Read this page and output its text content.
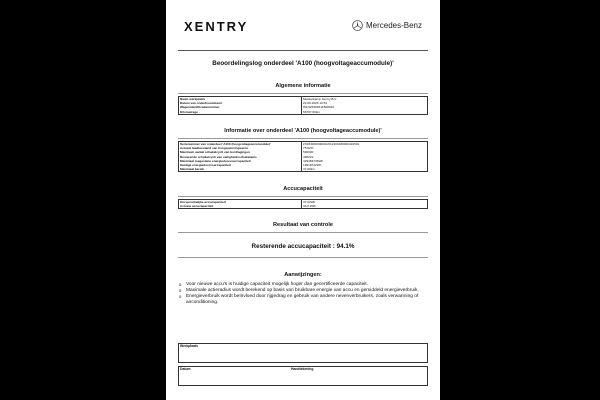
XENTRY	Mercedes-Benz
Beoordelingslog onderdeel 'A100 (hoogvoltageaccumodule)'
Algemene informatie
Naam werkplaats	Meisterkamp Xentry B.V.
Datum van onderhoudsbeurt	22.09.2026 10:51
Wagenidentificatienummer	W1N2530451F508910
Kilometrage	56707.00km
Informatie over onderdeel 'A100 (hoogvoltageaccumodule)'
Serienummer van onderdeel 'A100 (hoogvoltageaccumodule)'	2X034000000001/012100180000416501
Actuele laadtoestand van hoogspanningsaccu	75.62%
Maximum aantal schakelcycli van bordlagingen	500000
Resterende schakelcycli van veiligheidsschakelaars	496222
Maximaal toegestane energiedoorvoercapaciteit	429456736Wh
Huidige energiedoorvoercapaciteit	19918722Wh
Maximaal bereik	37.00km
Accucapaciteit
Oorspronkelijke accucapaciteit	37.0kWh
Actuele accucapaciteit	34.8 kWh
Resultaat van controle
Resterende accucapaciteit : 94.1%
Aanwijzingen:
o Voor nieuwe accu's is huidige capaciteit mogelijk hoger dan gecertificeerde capaciteit.
o Maximale actieradius wordt berekend op basis van bruikbare energie van accu en gemiddeld energieverbruik.
o Energieverbruik wordt beïnvloed door rijgedrag en gebruik van andere nevenverbruikers, zoals verwarming of airconditioning.
Werkplaats
Datum	Handtekening
